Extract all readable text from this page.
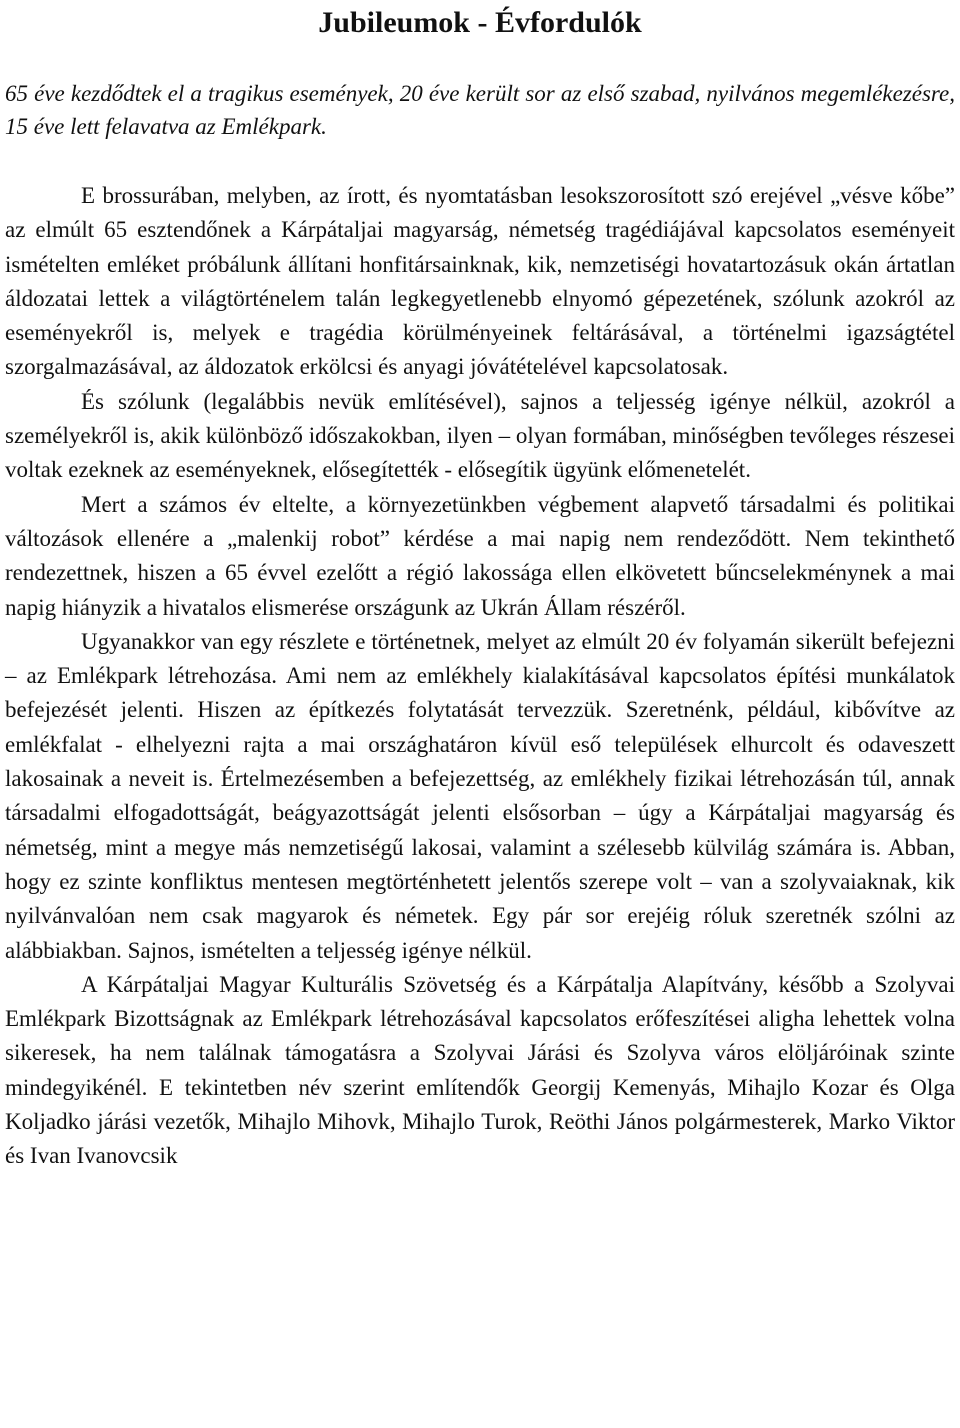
Jubileumok - Évfordulók

65 éve kezdődtek el a tragikus események, 20 éve került sor az első szabad, nyilvános megemlékezésre, 15 éve lett felavatva az Emlékpark.

E brossurában, melyben, az írott, és nyomtatásban lesokszorosított szó erejével „vésve kőbe” az elmúlt 65 esztendőnek a Kárpátaljai magyarság, németség tragédiájával kapcsolatos eseményeit ismételten emléket próbálunk állítani honfitársainknak, kik, nemzetiségi hovatartozásuk okán ártatlan áldozatai lettek a világtörténelem talán legkegyetlenebb elnyomó gépezetének, szólunk azokról az eseményekről is, melyek e tragédia körülményeinek feltárásával, a történelmi igazságtétel szorgalmazásával, az áldozatok erkölcsi és anyagi jóvátételével kapcsolatosak.

És szólunk (legalábbis nevük említésével), sajnos a teljesség igénye nélkül, azokról a személyekről is, akik különböző időszakokban, ilyen – olyan formában, minőségben tevőleges részesei voltak ezeknek az eseményeknek, elősegítették - elősegítik ügyünk előmenetelét.

Mert a számos év eltelte, a környezetünkben végbement alapvető társadalmi és politikai változások ellenére a „malenkij robot” kérdése a mai napig nem rendeződött. Nem tekinthető rendezettnek, hiszen a 65 évvel ezelőtt a régió lakossága ellen elkövetett bűncselekménynek a mai napig hiányzik a hivatalos elismerése országunk az Ukrán Állam részéről.

Ugyanakkor van egy részlete e történetnek, melyet az elmúlt 20 év folyamán sikerült befejezni – az Emlékpark létrehozása. Ami nem az emlékhely kialakításával kapcsolatos építési munkálatok befejezését jelenti. Hiszen az építkezés folytatását tervezzük. Szeretnénk, például, kibővítve az emlékfalat - elhelyezni rajta a mai országhatáron kívül eső települések elhurcolt és odaveszett lakosainak a neveit is. Értelmezésemben a befejezettség, az emlékhely fizikai létrehozásán túl, annak társadalmi elfogadottságát, beágyazottságát jelenti elsősorban – úgy a Kárpátaljai magyarság és németség, mint a megye más nemzetiségű lakosai, valamint a szélesebb külvilág számára is. Abban, hogy ez szinte konfliktus mentesen megtörténhetett jelentős szerepe volt – van a szolyvaiaknak, kik nyilvánvalóan nem csak magyarok és németek. Egy pár sor erejéig róluk szeretnék szólni az alábbiakban. Sajnos, ismételten a teljesség igénye nélkül.

A Kárpátaljai Magyar Kulturális Szövetség és a Kárpátalja Alapítvány, később a Szolyvai Emlékpark Bizottságnak az Emlékpark létrehozásával kapcsolatos erőfeszítései aligha lehettek volna sikeresek, ha nem találnak támogatásra a Szolyvai Járási és Szolyva város elöljáróinak szinte mindegyikénél. E tekintetben név szerint említendők Georgij Kemenyás, Mihajlo Kozar és Olga Koljadko járási vezetők, Mihajlo Mihovk, Mihajlo Turok, Reöthi János polgármesterek, Marko Viktor és Ivan Ivanovcsik
